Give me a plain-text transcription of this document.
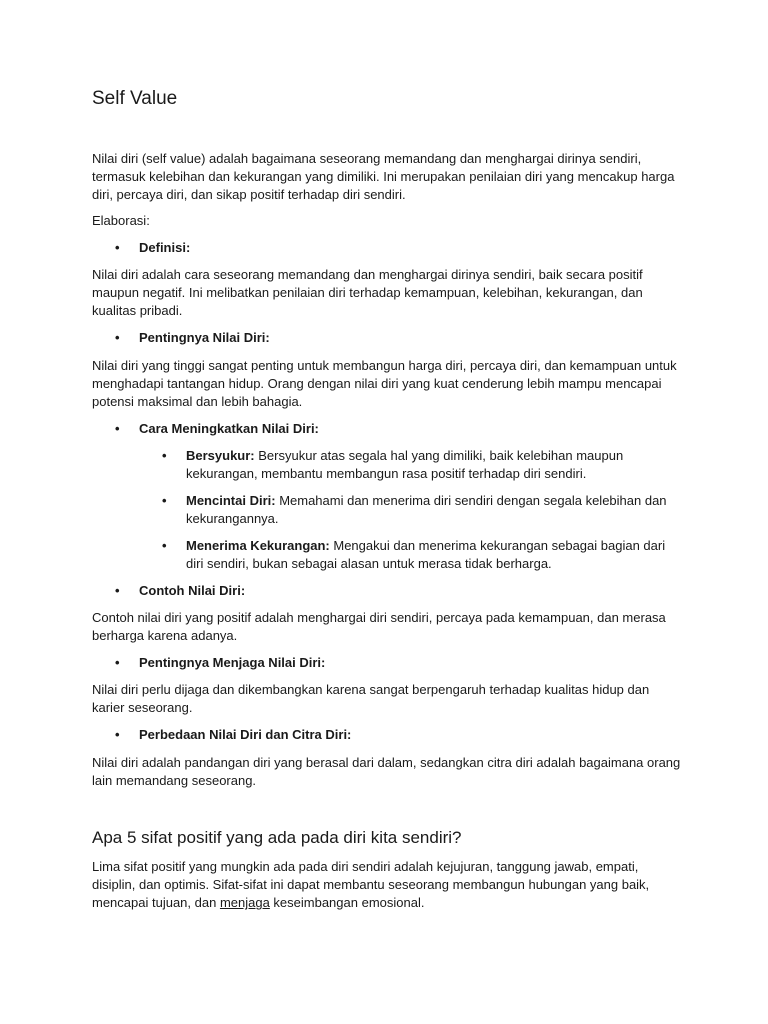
Self Value

Nilai diri (self value) adalah bagaimana seseorang memandang dan menghargai dirinya sendiri, termasuk kelebihan dan kekurangan yang dimiliki. Ini merupakan penilaian diri yang mencakup harga diri, percaya diri, dan sikap positif terhadap diri sendiri.

Elaborasi:

• Definisi:

Nilai diri adalah cara seseorang memandang dan menghargai dirinya sendiri, baik secara positif maupun negatif. Ini melibatkan penilaian diri terhadap kemampuan, kelebihan, kekurangan, dan kualitas pribadi.

• Pentingnya Nilai Diri:

Nilai diri yang tinggi sangat penting untuk membangun harga diri, percaya diri, dan kemampuan untuk menghadapi tantangan hidup. Orang dengan nilai diri yang kuat cenderung lebih mampu mencapai potensi maksimal dan lebih bahagia.

• Cara Meningkatkan Nilai Diri:
• Bersyukur: Bersyukur atas segala hal yang dimiliki, baik kelebihan maupun kekurangan, membantu membangun rasa positif terhadap diri sendiri.
• Mencintai Diri: Memahami dan menerima diri sendiri dengan segala kelebihan dan kekurangannya.
• Menerima Kekurangan: Mengakui dan menerima kekurangan sebagai bagian dari diri sendiri, bukan sebagai alasan untuk merasa tidak berharga.
• Contoh Nilai Diri:

Contoh nilai diri yang positif adalah menghargai diri sendiri, percaya pada kemampuan, dan merasa berharga karena adanya.

• Pentingnya Menjaga Nilai Diri:

Nilai diri perlu dijaga dan dikembangkan karena sangat berpengaruh terhadap kualitas hidup dan karier seseorang.

• Perbedaan Nilai Diri dan Citra Diri:

Nilai diri adalah pandangan diri yang berasal dari dalam, sedangkan citra diri adalah bagaimana orang lain memandang seseorang.

Apa 5 sifat positif yang ada pada diri kita sendiri?

Lima sifat positif yang mungkin ada pada diri sendiri adalah kejujuran, tanggung jawab, empati, disiplin, dan optimis. Sifat-sifat ini dapat membantu seseorang membangun hubungan yang baik, mencapai tujuan, dan menjaga keseimbangan emosional.
